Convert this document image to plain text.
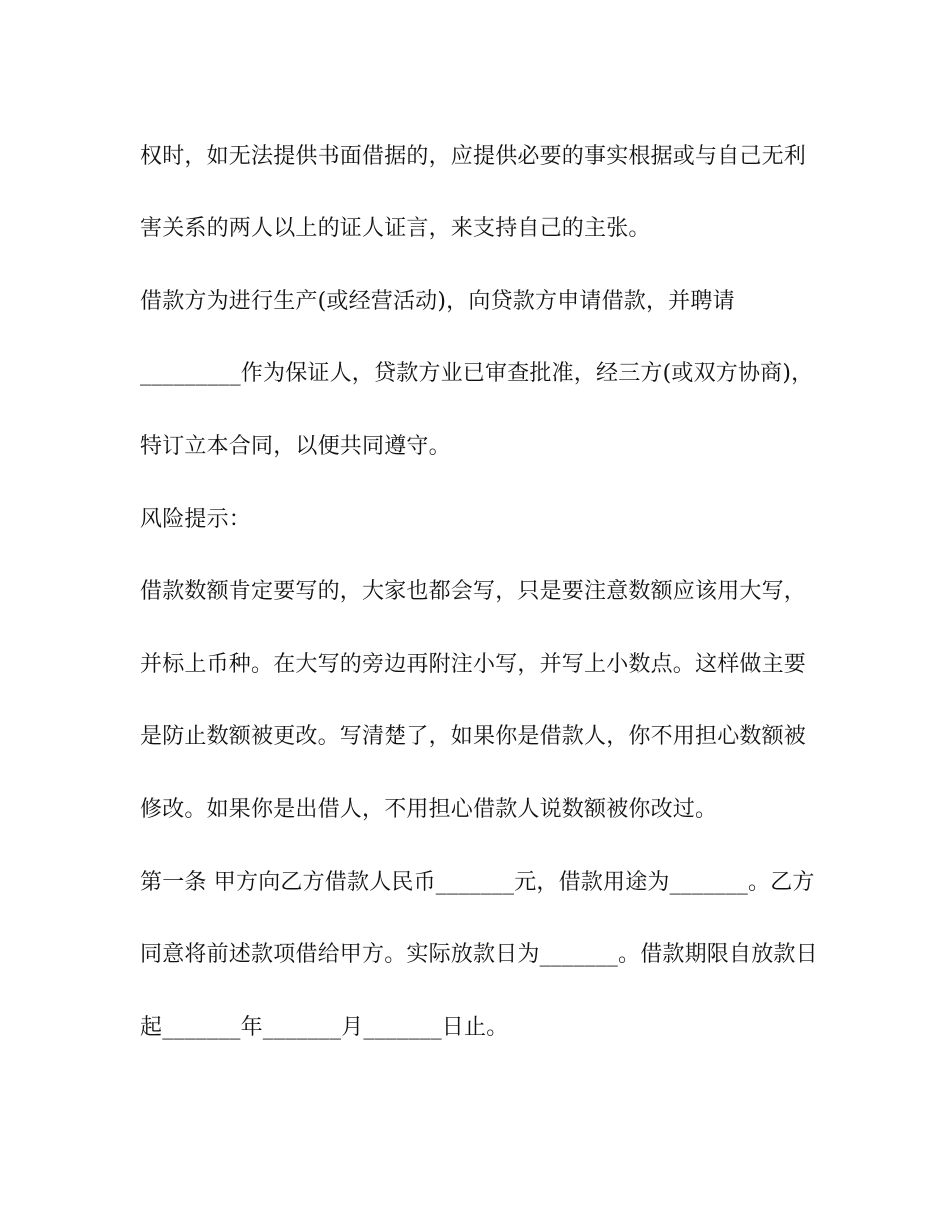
权时，如无法提供书面借据的，应提供必要的事实根据或与自己无利
害关系的两人以上的证人证言，来支持自己的主张。
借款方为进行生产(或经营活动)，向贷款方申请借款，并聘请
_________作为保证人，贷款方业已审查批准，经三方(或双方协商)，
特订立本合同，以便共同遵守。
风险提示：
借款数额肯定要写的，大家也都会写，只是要注意数额应该用大写，
并标上币种。在大写的旁边再附注小写，并写上小数点。这样做主要
是防止数额被更改。写清楚了，如果你是借款人，你不用担心数额被
修改。如果你是出借人，不用担心借款人说数额被你改过。
第一条 甲方向乙方借款人民币_______元，借款用途为_______。乙方
同意将前述款项借给甲方。实际放款日为_______。借款期限自放款日
起_______年_______月_______日止。
